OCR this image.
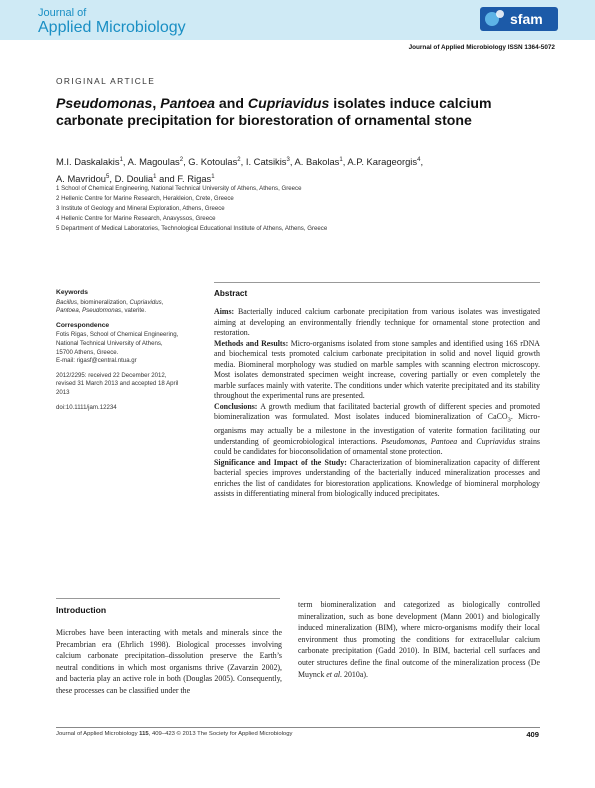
Journal of
Applied Microbiology	sfam
Journal of Applied Microbiology ISSN 1364-5072
ORIGINAL ARTICLE
Pseudomonas, Pantoea and Cupriavidus isolates induce calcium carbonate precipitation for biorestoration of ornamental stone
M.I. Daskalakis$^1$, A. Magoulas$^2$, G. Kotoulas$^2$, I. Catsikis$^3$, A. Bakolas$^1$, A.P. Karageorgis$^4$,
A. Mavridou$^5$, D. Doulia$^1$ and F. Rigas$^1$
1 School of Chemical Engineering, National Technical University of Athens, Athens, Greece
2 Hellenic Centre for Marine Research, Herakleion, Crete, Greece
3 Institute of Geology and Mineral Exploration, Athens, Greece
4 Hellenic Centre for Marine Research, Anavyssos, Greece
5 Department of Medical Laboratories, Technological Educational Institute of Athens, Athens, Greece
Keywords
Bacillus, biomineralization, Cupriavidus,
Pantoea, Pseudomonas, vaterite.
Correspondence
Fotis Rigas, School of Chemical Engineering,
National Technical University of Athens,
15700 Athens, Greece.
E-mail: rigasf@central.ntua.gr
2012/2295: received 22 December 2012,
revised 31 March 2013 and accepted 18 April
2013
doi:10.1111/jam.12234
Abstract

Aims: Bacterially induced calcium carbonate precipitation from various isolates was investigated aiming at developing an environmentally friendly technique for ornamental stone protection and restoration.

Methods and Results: Micro-organisms isolated from stone samples and identified using 16S rDNA and biochemical tests promoted calcium carbonate precipitation in solid and novel liquid growth media. Biomineral morphology was studied on marble samples with scanning electron microscopy. Most isolates demonstrated specimen weight increase, covering partially or even completely the marble surfaces mainly with vaterite. The conditions under which vaterite precipitated and its stability throughout the experimental runs are presented.

Conclusions: A growth medium that facilitated bacterial growth of different species and promoted biomineralization was formulated. Most isolates induced biomineralization of CaCO$_3$. Micro-organisms may actually be a milestone in the investigation of vaterite formation facilitating our understanding of geomicrobiological interactions. Pseudomonas, Pantoea and Cupriavidus strains could be candidates for bioconsolidation of ornamental stone protection.

Significance and Impact of the Study: Characterization of biomineralization capacity of different bacterial species improves understanding of the bacterially induced mineralization processes and enriches the list of candidates for biorestoration applications. Knowledge of biomineral morphology assists in differentiating mineral from biologically induced precipitates.

Introduction
Microbes have been interacting with metals and minerals since the Precambrian era (Ehrlich 1998). Biological processes involving calcium carbonate precipitation–dissolution preserve the Earth’s neutral conditions in which most organisms thrive (Zavarzin 2002), and bacteria play an active role in both (Douglas 2005). Consequently, these processes can be classified under the
term biomineralization and categorized as biologically controlled mineralization, such as bone development (Mann 2001) and biologically induced mineralization (BIM), where micro-organisms modify their local environment thus promoting the conditions for extracellular calcium carbonate precipitation (Gadd 2010). In BIM, bacterial cell surfaces and outer structures define the final outcome of the mineralization process (De Muynck et al. 2010a).
Journal of Applied Microbiology 115, 409–423 © 2013 The Society for Applied Microbiology	409
